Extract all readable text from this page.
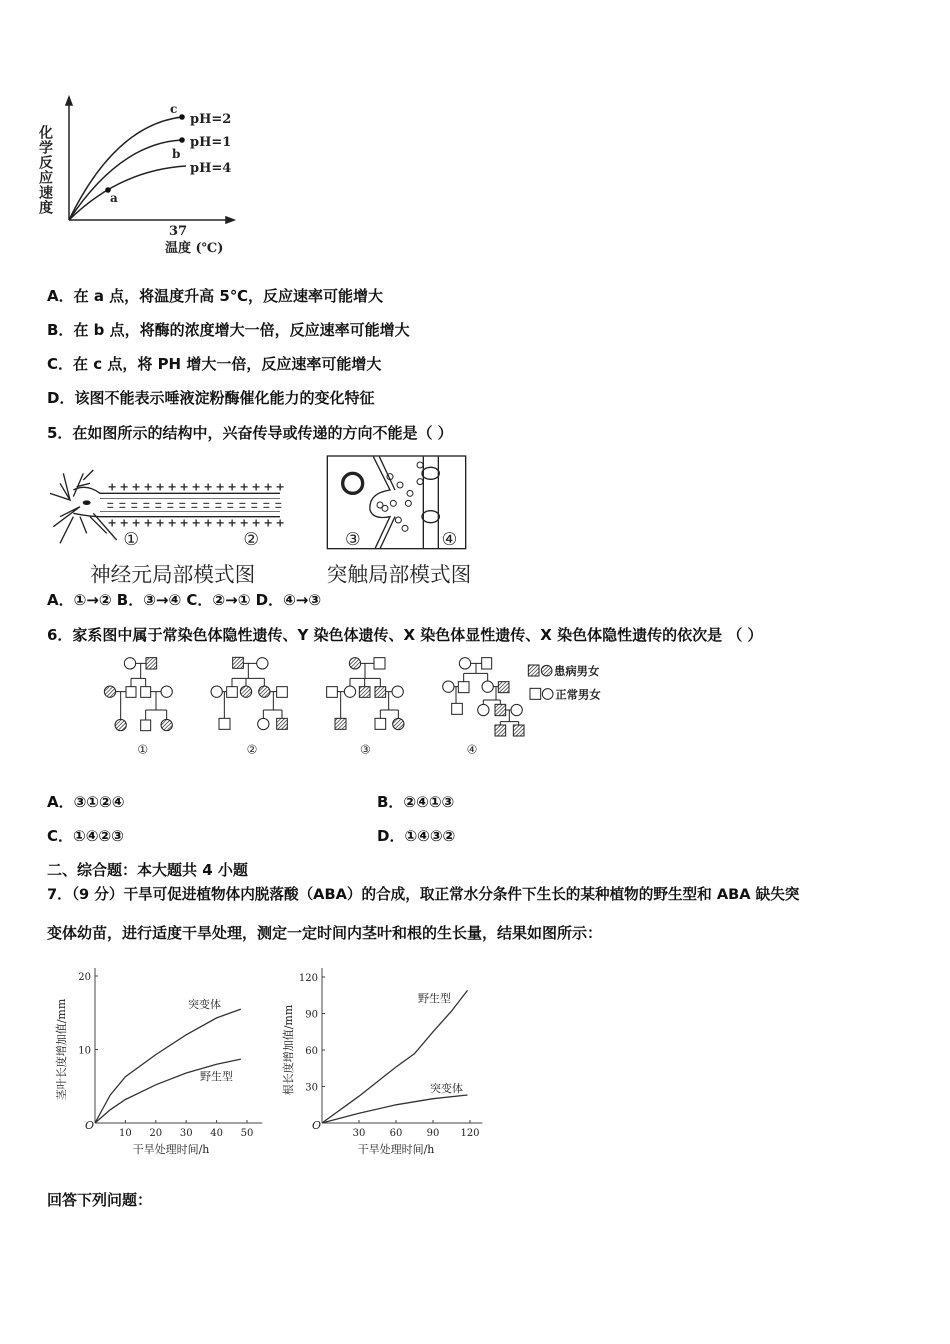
c
b
a
pH=2
pH=1
pH=4
37
温度 (℃)
化学反应速度
A．在 a 点，将温度升高 5℃，反应速率可能增大
B．在 b 点，将酶的浓度增大一倍，反应速率可能增大
C．在 c 点，将 PH 增大一倍，反应速率可能增大
D．该图不能表示唾液淀粉酶催化能力的变化特征
5．在如图所示的结构中，兴奋传导或传递的方向不能是（ ）
+
+
+
+
+
+
+
+
+
+
+
+
+
+
+
+
+
+
+
+
+
+
+
+
+
+
+
+
+
+
① ②
神经元局部模式图
③ ④
突触局部模式图
A．①→② B．③→④ C．②→① D．④→③
6．家系图中属于常染色体隐性遗传、Y 染色体遗传、X 染色体显性遗传、X 染色体隐性遗传的依次是 （ ）
患病男女
正常男女
①	②	③	④
A．③①②④	B．②④①③
C．①④②③	D．①④③②
二、综合题：本大题共 4 小题
7．（9 分）干旱可促进植物体内脱落酸（ABA）的合成，取正常水分条件下生长的某种植物的野生型和 ABA 缺失突
变体幼苗，进行适度干旱处理，测定一定时间内茎叶和根的生长量，结果如图所示：
O
10 20 30 40 50
10
20
干旱处理时间/h
茎叶长度增加值/mm	突变体
野生型
O
30 60 90 120
30
60
90
120
干旱处理时间/h
根长度增加值/mm
野生型
突变体
回答下列问题：
